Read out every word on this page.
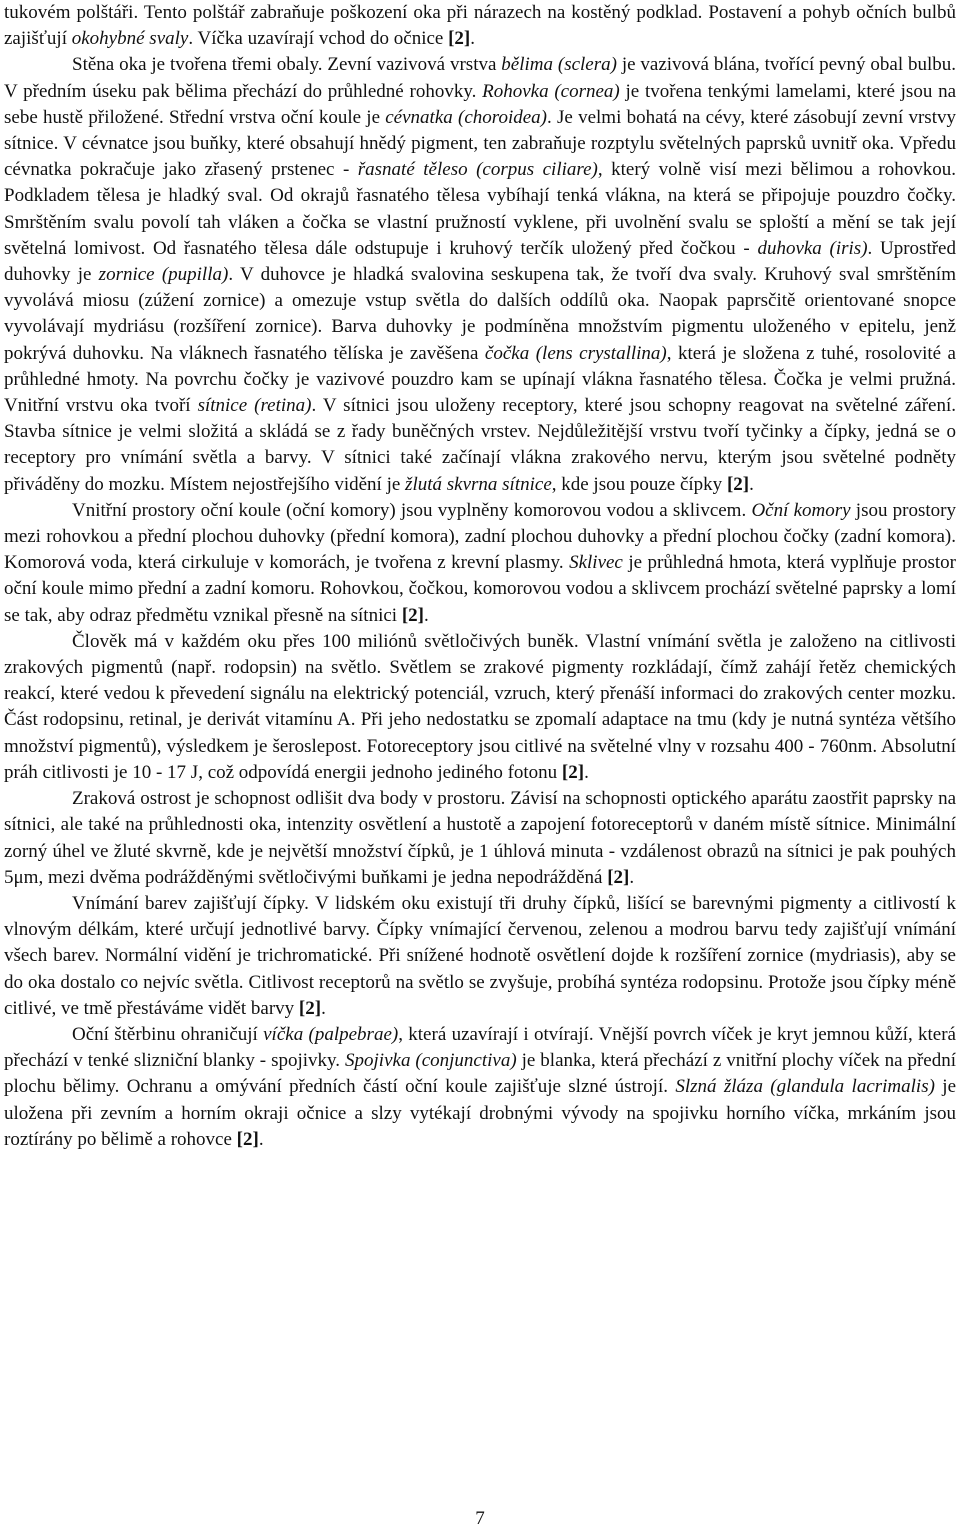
tukovém polštáři. Tento polštář zabraňuje poškození oka při nárazech na kostěný podklad. Postavení a pohyb očních bulbů zajišťují okohybné svaly. Víčka uzavírají vchod do očnice [2].

Stěna oka je tvořena třemi obaly. Zevní vazivová vrstva bělima (sclera) je vazivová blána, tvořící pevný obal bulbu. V předním úseku pak bělima přechází do průhledné rohovky. Rohovka (cornea) je tvořena tenkými lamelami, které jsou na sebe hustě přiložené. Střední vrstva oční koule je cévnatka (choroidea). Je velmi bohatá na cévy, které zásobují zevní vrstvy sítnice. V cévnatce jsou buňky, které obsahují hnědý pigment, ten zabraňuje rozptylu světelných paprsků uvnitř oka. Vpředu cévnatka pokračuje jako zřasený prstenec - řasnaté těleso (corpus ciliare), který volně visí mezi bělimou a rohovkou. Podkladem tělesa je hladký sval. Od okrajů řasnatého tělesa vybíhají tenká vlákna, na která se připojuje pouzdro čočky. Smrštěním svalu povolí tah vláken a čočka se vlastní pružností vyklene, při uvolnění svalu se sploští a mění se tak její světelná lomivost. Od řasnatého tělesa dále odstupuje i kruhový terčík uložený před čočkou - duhovka (iris). Uprostřed duhovky je zornice (pupilla). V duhovce je hladká svalovina seskupena tak, že tvoří dva svaly. Kruhový sval smrštěním vyvolává miosu (zúžení zornice) a omezuje vstup světla do dalších oddílů oka. Naopak paprsčitě orientované snopce vyvolávají mydriásu (rozšíření zornice). Barva duhovky je podmíněna množstvím pigmentu uloženého v epitelu, jenž pokrývá duhovku. Na vláknech řasnatého tělíska je zavěšena čočka (lens crystallina), která je složena z tuhé, rosolovité a průhledné hmoty. Na povrchu čočky je vazivové pouzdro kam se upínají vlákna řasnatého tělesa. Čočka je velmi pružná. Vnitřní vrstvu oka tvoří sítnice (retina). V sítnici jsou uloženy receptory, které jsou schopny reagovat na světelné záření. Stavba sítnice je velmi složitá a skládá se z řady buněčných vrstev. Nejdůležitější vrstvu tvoří tyčinky a čípky, jedná se o receptory pro vnímání světla a barvy. V sítnici také začínají vlákna zrakového nervu, kterým jsou světelné podněty přiváděny do mozku. Místem nejostřejšího vidění je žlutá skvrna sítnice, kde jsou pouze čípky [2].

Vnitřní prostory oční koule (oční komory) jsou vyplněny komorovou vodou a sklivcem. Oční komory jsou prostory mezi rohovkou a přední plochou duhovky (přední komora), zadní plochou duhovky a přední plochou čočky (zadní komora). Komorová voda, která cirkuluje v komorách, je tvořena z krevní plasmy. Sklivec je průhledná hmota, která vyplňuje prostor oční koule mimo přední a zadní komoru. Rohovkou, čočkou, komorovou vodou a sklivcem prochází světelné paprsky a lomí se tak, aby odraz předmětu vznikal přesně na sítnici [2].

Člověk má v každém oku přes 100 miliónů světločivých buněk. Vlastní vnímání světla je založeno na citlivosti zrakových pigmentů (např. rodopsin) na světlo. Světlem se zrakové pigmenty rozkládají, čímž zahájí řetěz chemických reakcí, které vedou k převedení signálu na elektrický potenciál, vzruch, který přenáší informaci do zrakových center mozku. Část rodopsinu, retinal, je derivát vitamínu A. Při jeho nedostatku se zpomalí adaptace na tmu (kdy je nutná syntéza většího množství pigmentů), výsledkem je šeroslepost. Fotoreceptory jsou citlivé na světelné vlny v rozsahu 400 - 760nm. Absolutní práh citlivosti je 10 - 17 J, což odpovídá energii jednoho jediného fotonu [2].

Zraková ostrost je schopnost odlišit dva body v prostoru. Závisí na schopnosti optického aparátu zaostřit paprsky na sítnici, ale také na průhlednosti oka, intenzity osvětlení a hustotě a zapojení fotoreceptorů v daném místě sítnice. Minimální zorný úhel ve žluté skvrně, kde je největší množství čípků, je 1 úhlová minuta - vzdálenost obrazů na sítnici je pak pouhých 5μm, mezi dvěma podrážděnými světločivými buňkami je jedna nepodrážděná [2].

Vnímání barev zajišťují čípky. V lidském oku existují tři druhy čípků, lišící se barevnými pigmenty a citlivostí k vlnovým délkám, které určují jednotlivé barvy. Čípky vnímající červenou, zelenou a modrou barvu tedy zajišťují vnímání všech barev. Normální vidění je trichromatické. Při snížené hodnotě osvětlení dojde k rozšíření zornice (mydriasis), aby se do oka dostalo co nejvíc světla. Citlivost receptorů na světlo se zvyšuje, probíhá syntéza rodopsinu. Protože jsou čípky méně citlivé, ve tmě přestáváme vidět barvy [2].

Oční štěrbinu ohraničují víčka (palpebrae), která uzavírají i otvírají. Vnější povrch víček je kryt jemnou kůží, která přechází v tenké slizniční blanky - spojivky. Spojivka (conjunctiva) je blanka, která přechází z vnitřní plochy víček na přední plochu bělimy. Ochranu a omývání předních částí oční koule zajišťuje slzné ústrojí. Slzná žláza (glandula lacrimalis) je uložena při zevním a horním okraji očnice a slzy vytékají drobnými vývody na spojivku horního víčka, mrkáním jsou roztírány po bělimě a rohovce [2].

7
